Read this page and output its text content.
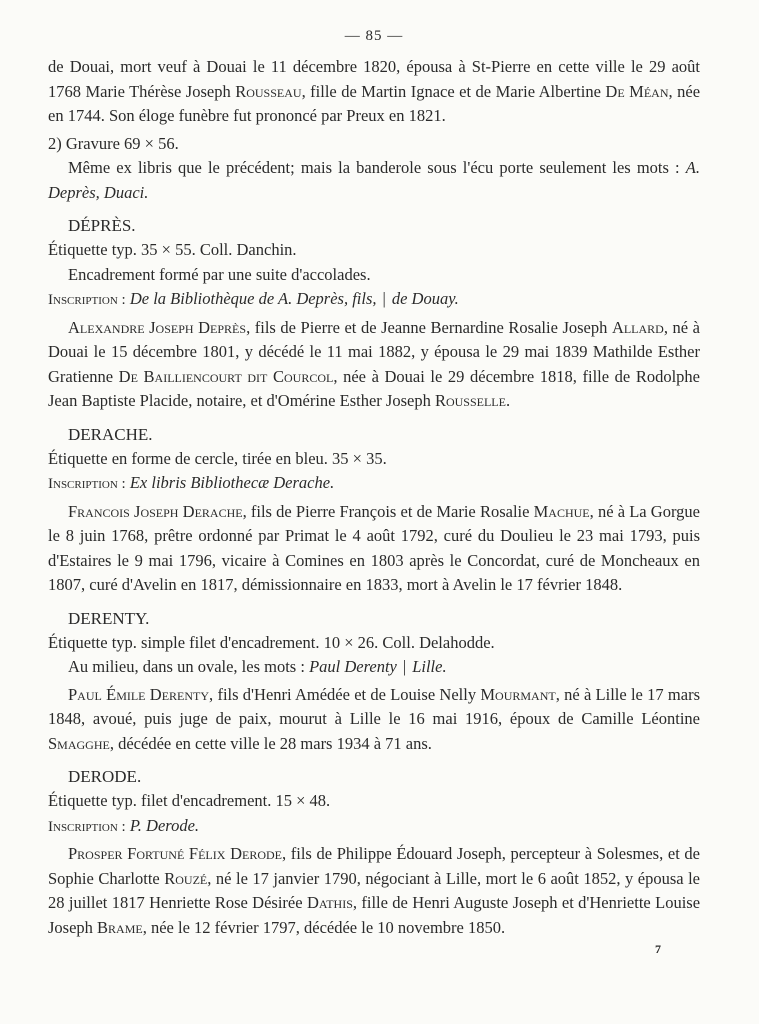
— 85 —

de Douai, mort veuf à Douai le 11 décembre 1820, épousa à St-Pierre en cette ville le 29 août 1768 Marie Thérèse Joseph Rousseau, fille de Martin Ignace et de Marie Albertine De Méan, née en 1744. Son éloge funèbre fut prononcé par Preux en 1821.

2) Gravure 69 × 56.

Même ex libris que le précédent; mais la banderole sous l'écu porte seulement les mots : A. Deprès, Duaci.

DÉPRÈS.

Étiquette typ. 35 × 55. Coll. Danchin.

Encadrement formé par une suite d'accolades.

Inscription : De la Bibliothèque de A. Deprès, fils, | de Douay.

Alexandre Joseph Deprès, fils de Pierre et de Jeanne Bernardine Rosalie Joseph Allard, né à Douai le 15 décembre 1801, y décédé le 11 mai 1882, y épousa le 29 mai 1839 Mathilde Esther Gratienne De Bailliencourt dit Courcol, née à Douai le 29 décembre 1818, fille de Rodolphe Jean Baptiste Placide, notaire, et d'Omérine Esther Joseph Rousselle.

DERACHE.

Étiquette en forme de cercle, tirée en bleu. 35 × 35.

Inscription : Ex libris Bibliothecæ Derache.

Francois Joseph Derache, fils de Pierre François et de Marie Rosalie Machue, né à La Gorgue le 8 juin 1768, prêtre ordonné par Primat le 4 août 1792, curé du Doulieu le 23 mai 1793, puis d'Estaires le 9 mai 1796, vicaire à Comines en 1803 après le Concordat, curé de Moncheaux en 1807, curé d'Avelin en 1817, démissionnaire en 1833, mort à Avelin le 17 février 1848.

DERENTY.

Étiquette typ. simple filet d'encadrement. 10 × 26. Coll. Delahodde.

Au milieu, dans un ovale, les mots : Paul Derenty | Lille.

Paul Émile Derenty, fils d'Henri Amédée et de Louise Nelly Mourmant, né à Lille le 17 mars 1848, avoué, puis juge de paix, mourut à Lille le 16 mai 1916, époux de Camille Léontine Smagghe, décédée en cette ville le 28 mars 1934 à 71 ans.

DERODE.

Étiquette typ. filet d'encadrement. 15 × 48.

Inscription : P. Derode.

Prosper Fortuné Félix Derode, fils de Philippe Édouard Joseph, percepteur à Solesmes, et de Sophie Charlotte Rouzé, né le 17 janvier 1790, négociant à Lille, mort le 6 août 1852, y épousa le 28 juillet 1817 Henriette Rose Désirée Dathis, fille de Henri Auguste Joseph et d'Henriette Louise Joseph Brame, née le 12 février 1797, décédée le 10 novembre 1850.

7
